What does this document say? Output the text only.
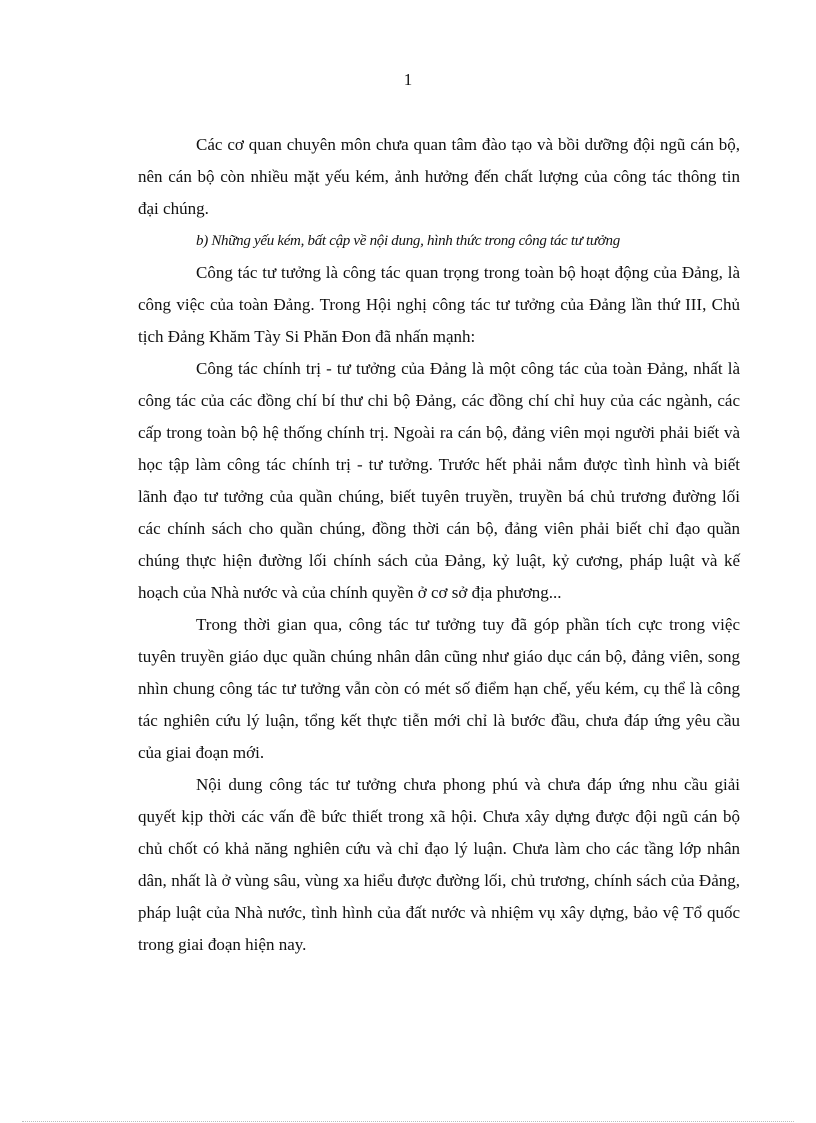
1

Các cơ quan chuyên môn chưa quan tâm đào tạo và bồi dưỡng đội ngũ cán bộ, nên cán bộ còn nhiều mặt yếu kém, ảnh hưởng đến chất lượng của công tác thông tin đại chúng.

b) Những yếu kém, bất cập về nội dung, hình thức trong công tác tư tưởng

Công tác tư tưởng là công tác quan trọng trong toàn bộ hoạt động của Đảng, là công việc của toàn Đảng. Trong Hội nghị công tác tư tưởng của Đảng lần thứ III, Chủ tịch Đảng Khăm Tày Si Phăn Đon đã nhấn mạnh:

Công tác chính trị - tư tưởng của Đảng là một công tác của toàn Đảng, nhất là công tác của các đồng chí bí thư chi bộ Đảng, các đồng chí chỉ huy của các ngành, các cấp trong toàn bộ hệ thống chính trị. Ngoài ra cán bộ, đảng viên mọi người phải biết và học tập làm công tác chính trị - tư tưởng. Trước hết phải nắm được tình hình và biết lãnh đạo tư tưởng của quần chúng, biết tuyên truyền, truyền bá chủ trương đường lối các chính sách cho quần chúng, đồng thời cán bộ, đảng viên phải biết chỉ đạo quần chúng thực hiện đường lối chính sách của Đảng, kỷ luật, kỷ cương, pháp luật và kế hoạch của Nhà nước và của chính quyền ở cơ sở địa phương...

Trong thời gian qua, công tác tư tưởng tuy đã góp phần tích cực trong việc tuyên truyền giáo dục quần chúng nhân dân cũng như giáo dục cán bộ, đảng viên, song nhìn chung công tác tư tưởng vẫn còn có mét số điểm hạn chế, yếu kém, cụ thể là công tác nghiên cứu lý luận, tổng kết thực tiễn mới chỉ là bước đầu, chưa đáp ứng yêu cầu của giai đoạn mới.

Nội dung công tác tư tưởng chưa phong phú và chưa đáp ứng nhu cầu giải quyết kịp thời các vấn đề bức thiết trong xã hội. Chưa xây dựng được đội ngũ cán bộ chủ chốt có khả năng nghiên cứu và chỉ đạo lý luận. Chưa làm cho các tầng lớp nhân dân, nhất là ở vùng sâu, vùng xa hiểu được đường lối, chủ trương, chính sách của Đảng, pháp luật của Nhà nước, tình hình của đất nước và nhiệm vụ xây dựng, bảo vệ Tổ quốc trong giai đoạn hiện nay.
